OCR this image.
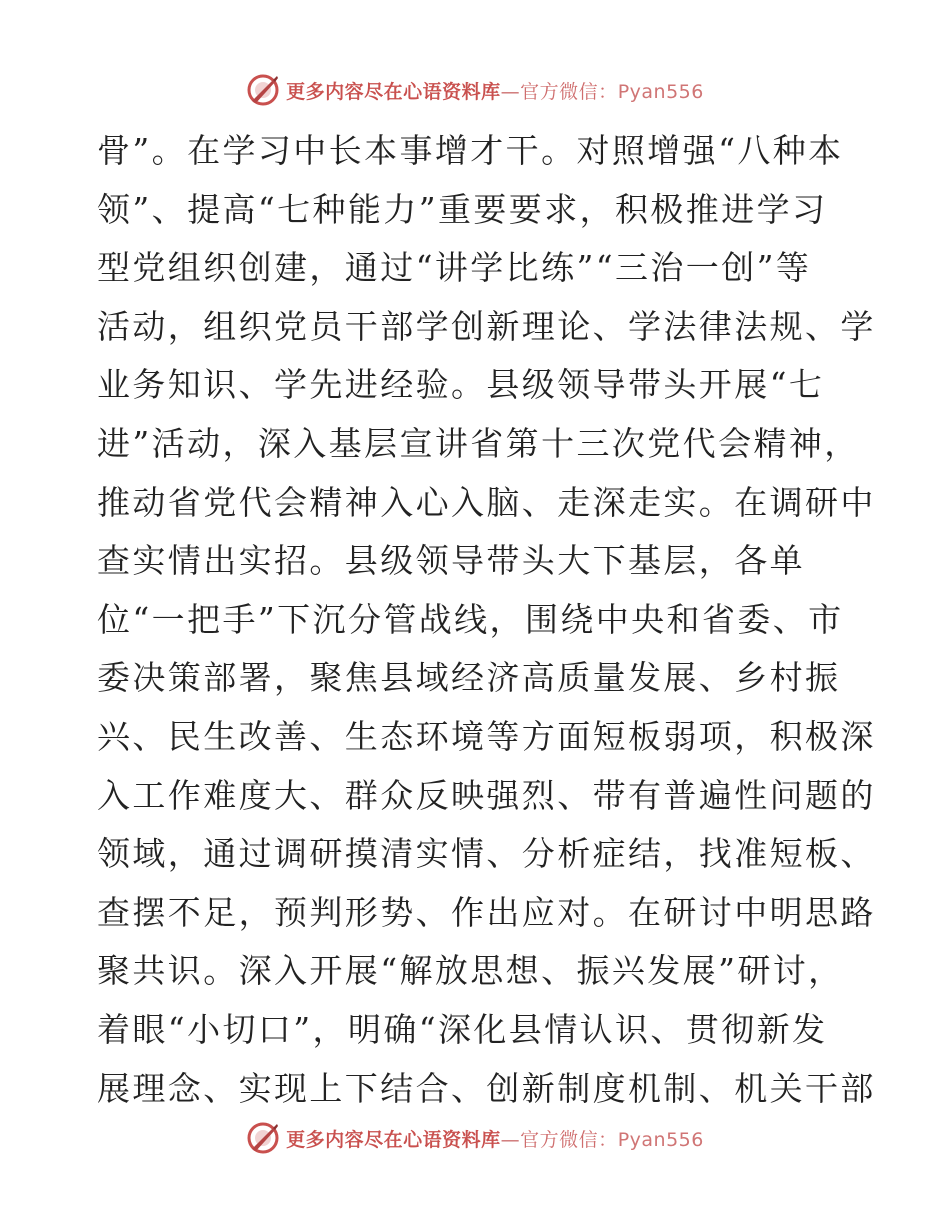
更多内容尽在心语资料库—官方微信：Pyan556
骨”。在学习中长本事增才干。对照增强“八种本
领”、提高“七种能力”重要要求，积极推进学习
型党组织创建，通过“讲学比练”“三治一创”等
活动，组织党员干部学创新理论、学法律法规、学
业务知识、学先进经验。县级领导带头开展“七
进”活动，深入基层宣讲省第十三次党代会精神，
推动省党代会精神入心入脑、走深走实。在调研中
查实情出实招。县级领导带头大下基层，各单
位“一把手”下沉分管战线，围绕中央和省委、市
委决策部署，聚焦县域经济高质量发展、乡村振
兴、民生改善、生态环境等方面短板弱项，积极深
入工作难度大、群众反映强烈、带有普遍性问题的
领域，通过调研摸清实情、分析症结，找准短板、
查摆不足，预判形势、作出应对。在研讨中明思路
聚共识。深入开展“解放思想、振兴发展”研讨，
着眼“小切口”，明确“深化县情认识、贯彻新发
展理念、实现上下结合、创新制度机制、机关干部
更多内容尽在心语资料库—官方微信：Pyan556
